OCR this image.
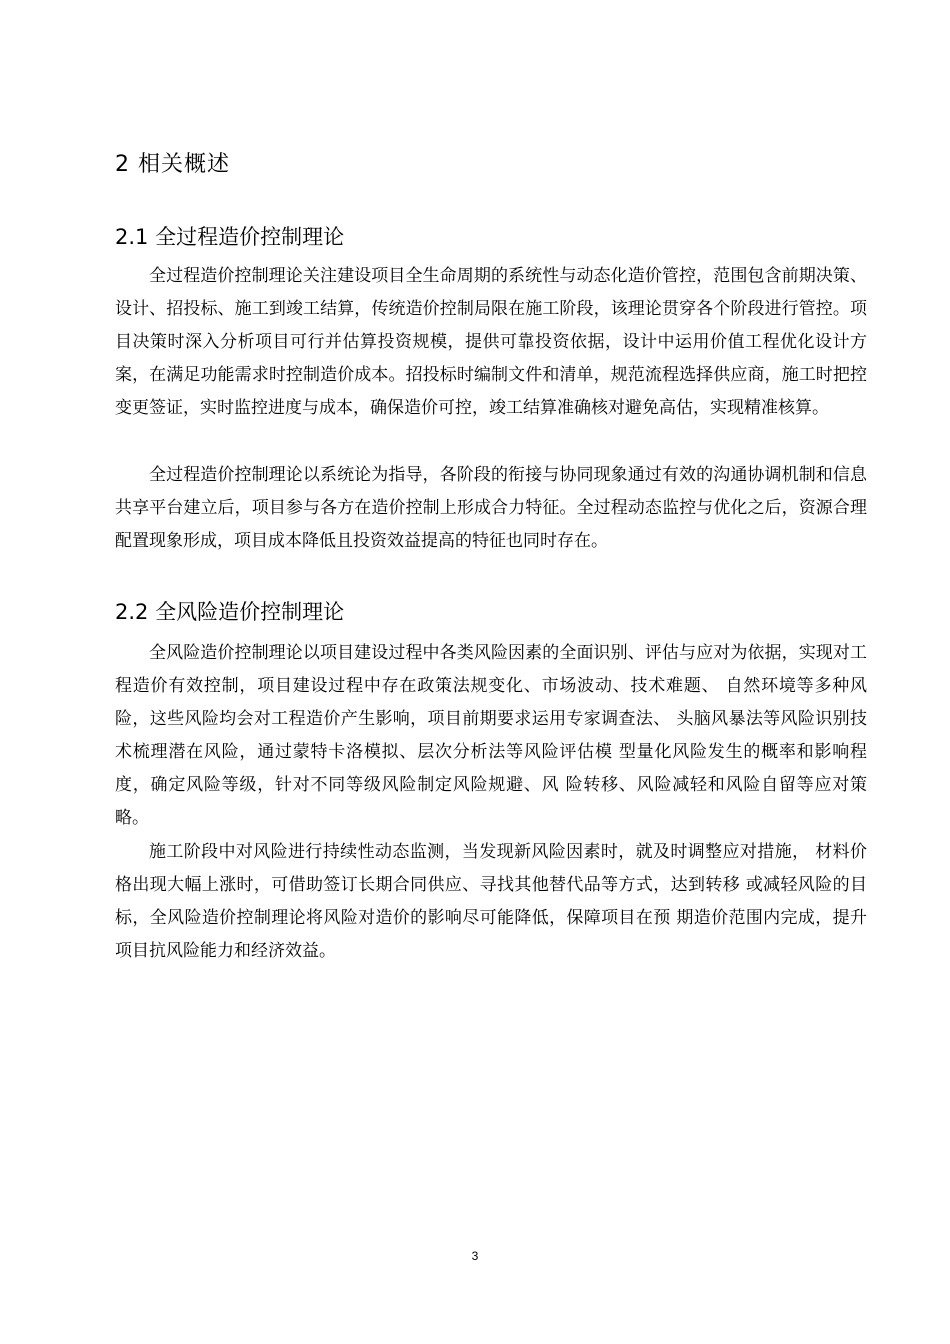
2 相关概述
2.1 全过程造价控制理论

全过程造价控制理论关注建设项目全生命周期的系统性与动态化造价管控，范围包含前期决策、设计、招投标、施工到竣工结算，传统造价控制局限在施工阶段，该理论贯穿各个阶段进行管控。项目决策时深入分析项目可行并估算投资规模，提供可靠投资依据，设计中运用价值工程优化设计方案，在满足功能需求时控制造价成本。招投标时编制文件和清单，规范流程选择供应商，施工时把控变更签证，实时监控进度与成本，确保造价可控，竣工结算准确核对避免高估，实现精准核算。

全过程造价控制理论以系统论为指导，各阶段的衔接与协同现象通过有效的沟通协调机制和信息共享平台建立后，项目参与各方在造价控制上形成合力特征。全过程动态监控与优化之后，资源合理配置现象形成，项目成本降低且投资效益提高的特征也同时存在。

2.2 全风险造价控制理论

全风险造价控制理论以项目建设过程中各类风险因素的全面识别、评估与应对为依据，实现对工程造价有效控制，项目建设过程中存在政策法规变化、市场波动、技术难题、 自然环境等多种风险，这些风险均会对工程造价产生影响，项目前期要求运用专家调查法、 头脑风暴法等风险识别技术梳理潜在风险，通过蒙特卡洛模拟、层次分析法等风险评估模 型量化风险发生的概率和影响程度，确定风险等级，针对不同等级风险制定风险规避、风 险转移、风险减轻和风险自留等应对策略。

施工阶段中对风险进行持续性动态监测，当发现新风险因素时，就及时调整应对措施， 材料价格出现大幅上涨时，可借助签订长期合同供应、寻找其他替代品等方式，达到转移 或减轻风险的目标，全风险造价控制理论将风险对造价的影响尽可能降低，保障项目在预 期造价范围内完成，提升项目抗风险能力和经济效益。

3
